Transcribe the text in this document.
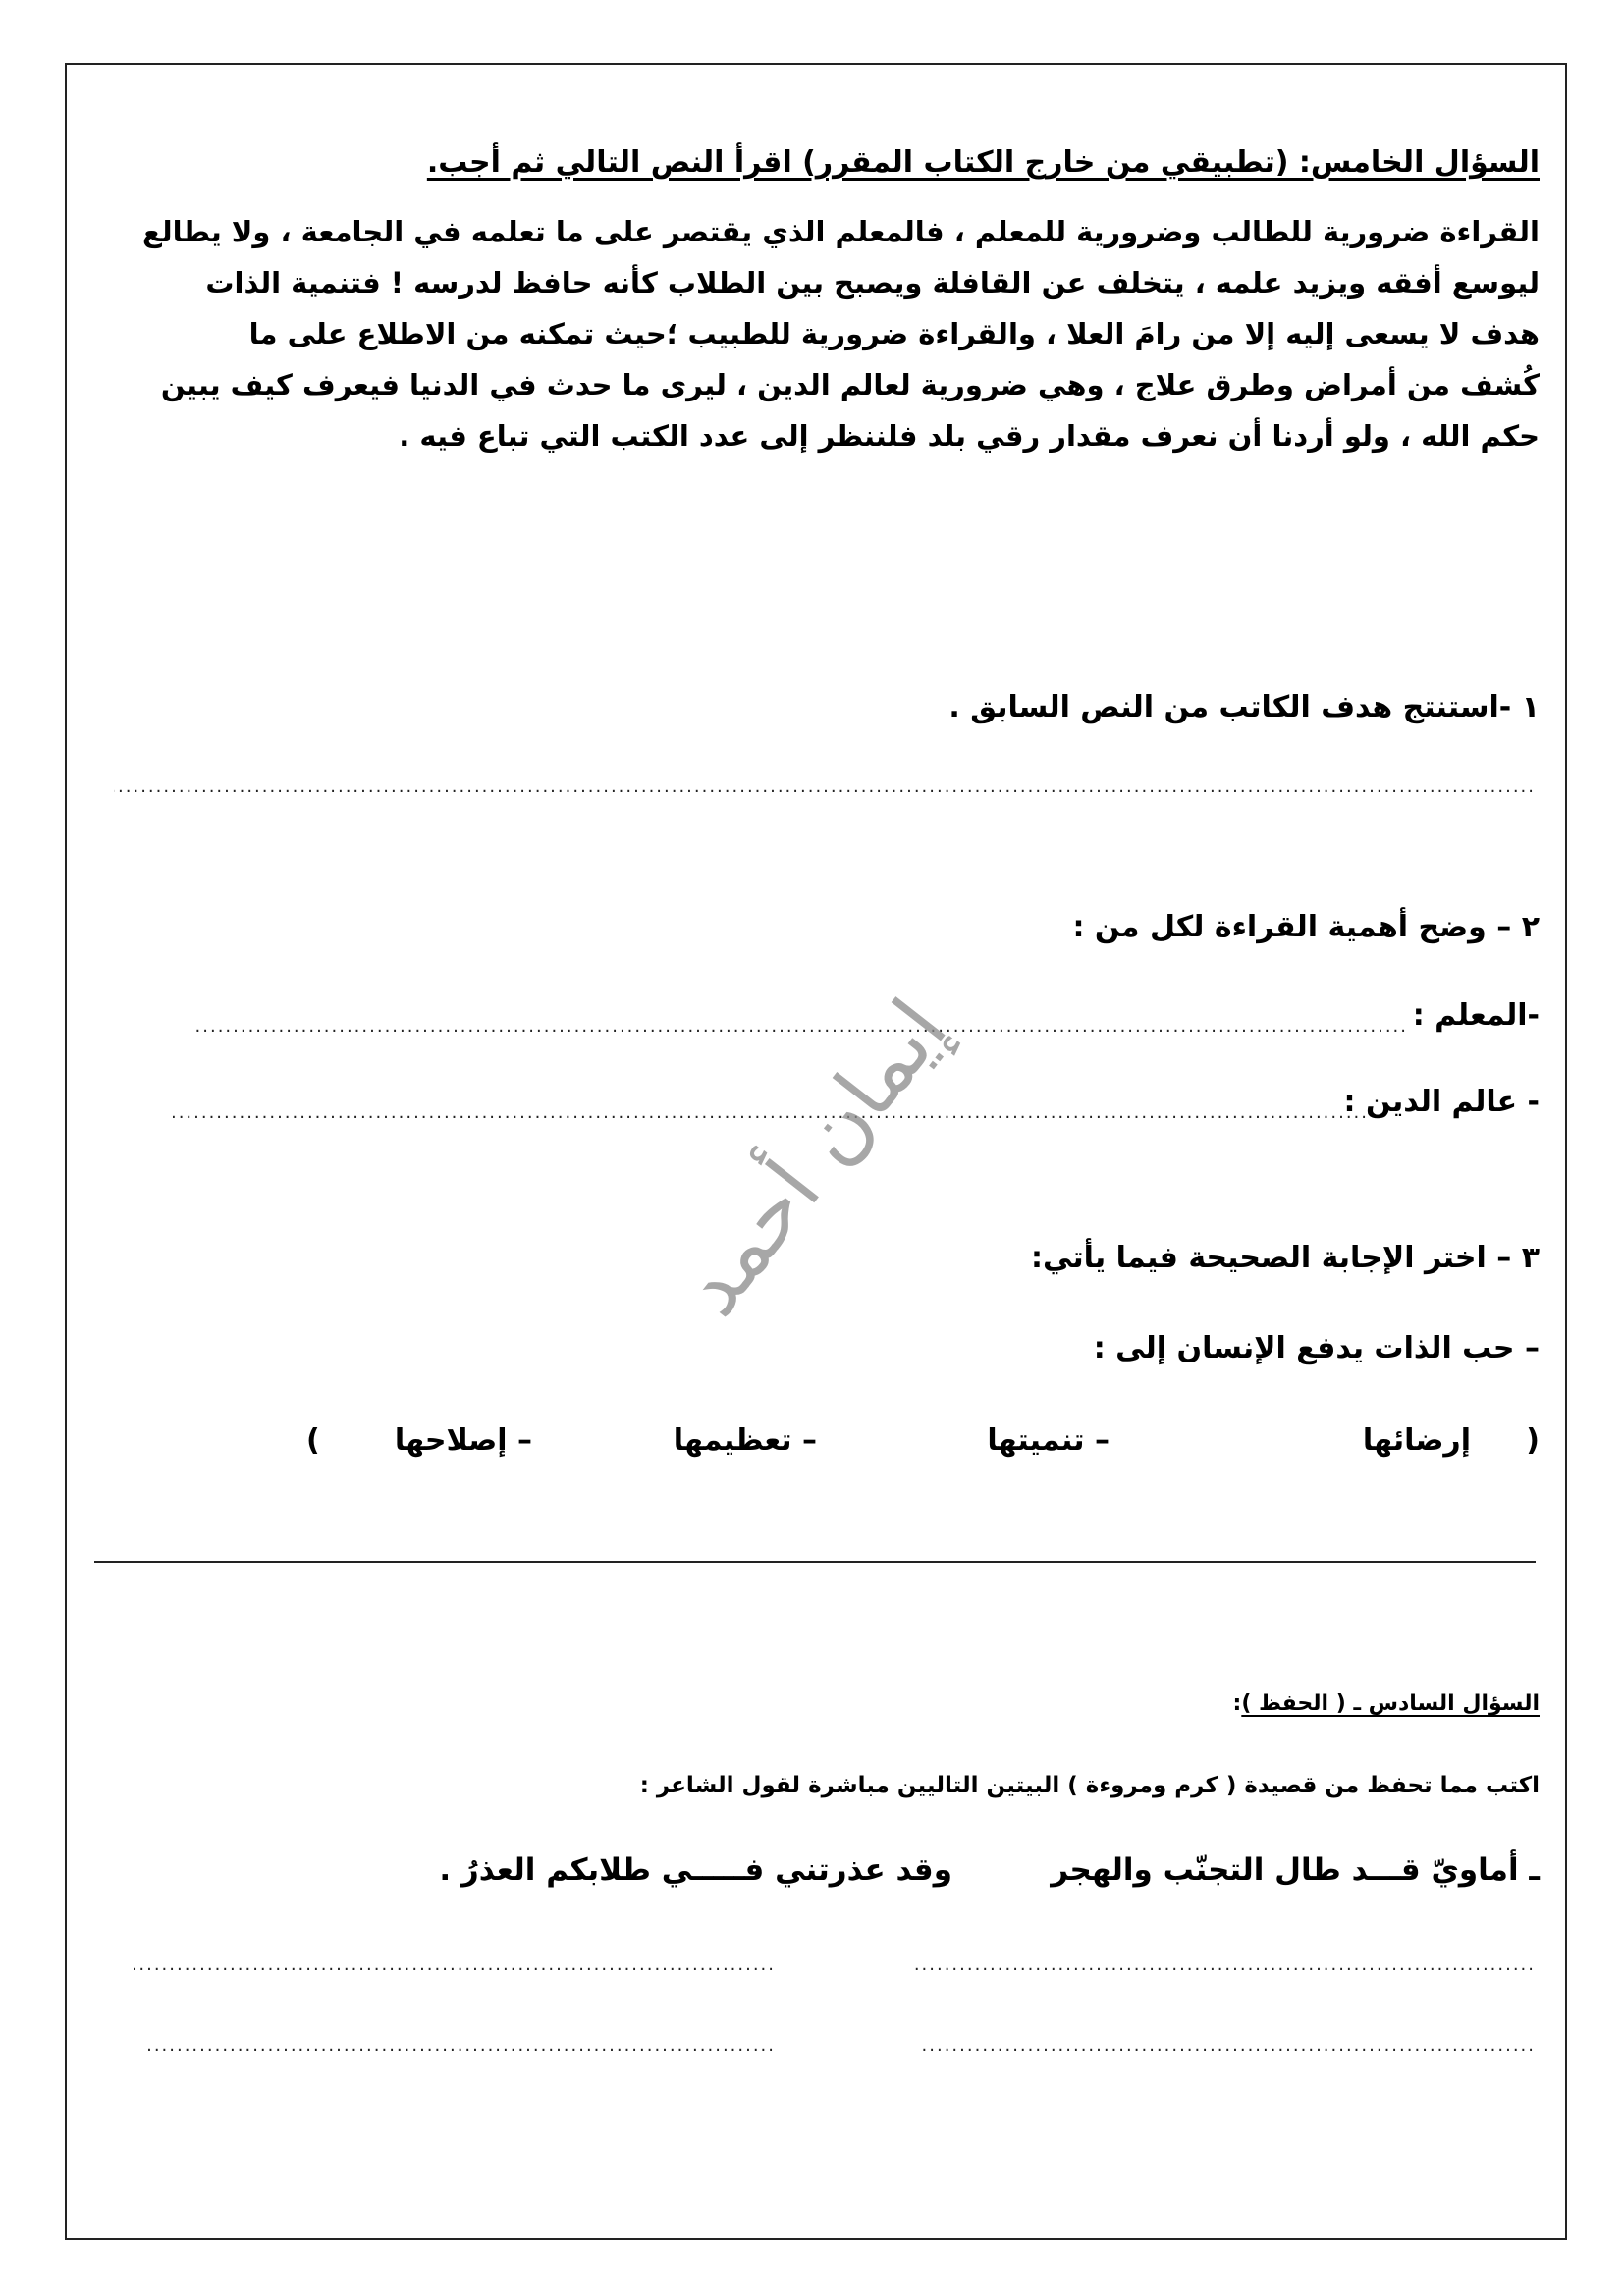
السؤال الخامس: (تطبيقي من خارج الكتاب المقرر) اقرأ النص التالي ثم أجب.

القراءة ضرورية للطالب وضرورية للمعلم ، فالمعلم الذي يقتصر على ما تعلمه في الجامعة ، ولا يطالع

ليوسع أفقه ويزيد علمه ، يتخلف عن القافلة ويصبح بين الطلاب كأنه حافظ لدرسه ! فتنمية الذات

هدف لا يسعى إليه إلا من رامَ العلا ، والقراءة ضرورية للطبيب ؛حيث تمكنه من الاطلاع على ما

كُشف من أمراض وطرق علاج ، وهي ضرورية لعالم الدين ، ليرى ما حدث في الدنيا فيعرف كيف يبين

حكم الله ، ولو أردنا أن نعرف مقدار رقي بلد فلننظر إلى عدد الكتب التي تباع فيه .

١ -استنتج هدف الكاتب من النص السابق .
.....
٢ – وضح أهمية القراءة لكل من :
-المعلم :
.....
- عالم الدين :
.....
إيمان أحمد ٣ – اختر الإجابة الصحيحة فيما يأتي:
– حب الذات يدفع الإنسان إلى :
(
إرضائها
– تنميتها
– تعظيمها
– إصلاحها
)
السؤال السادس ـ ( الحفظ ):
اكتب مما تحفظ من قصيدة ( كرم ومروءة ) البيتين التاليين مباشرة لقول الشاعر :
ـ أماويّ قـــد طال التجنّب والهجر
وقد عذرتني فـــــي طلابكم العذرُ .
.....
.....
.....
.....
